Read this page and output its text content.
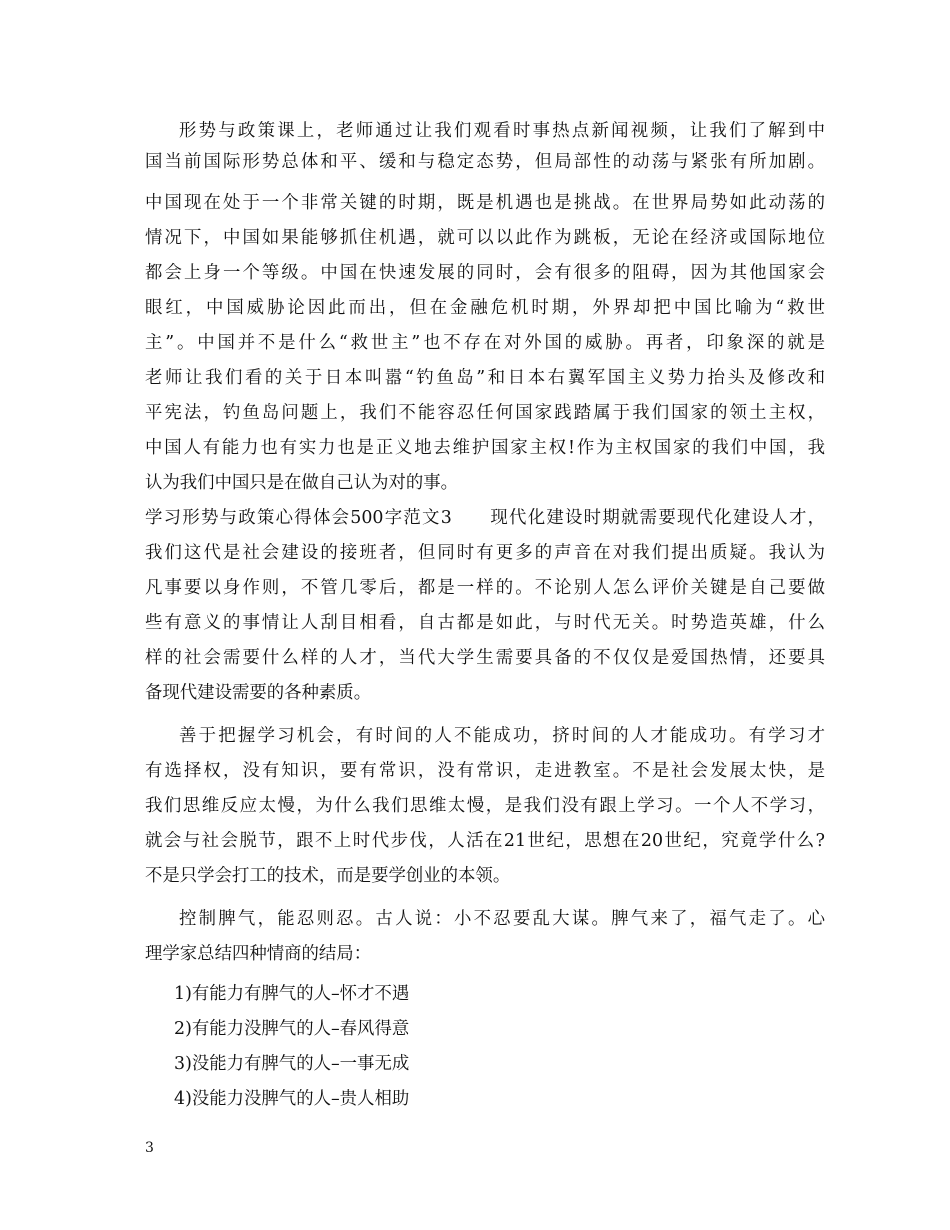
形势与政策课上，老师通过让我们观看时事热点新闻视频，让我们了解到中
国当前国际形势总体和平、缓和与稳定态势，但局部性的动荡与紧张有所加剧。
中国现在处于一个非常关键的时期，既是机遇也是挑战。在世界局势如此动荡的
情况下，中国如果能够抓住机遇，就可以以此作为跳板，无论在经济或国际地位
都会上身一个等级。中国在快速发展的同时，会有很多的阻碍，因为其他国家会
眼红，中国威胁论因此而出，但在金融危机时期，外界却把中国比喻为“救世
主”。中国并不是什么“救世主”也不存在对外国的威胁。再者，印象深的就是
老师让我们看的关于日本叫嚣“钓鱼岛”和日本右翼军国主义势力抬头及修改和
平宪法，钓鱼岛问题上，我们不能容忍任何国家践踏属于我们国家的领土主权，
中国人有能力也有实力也是正义地去维护国家主权!作为主权国家的我们中国，我
认为我们中国只是在做自己认为对的事。
学习形势与政策心得体会500字范文3　　现代化建设时期就需要现代化建设人才，
我们这代是社会建设的接班者，但同时有更多的声音在对我们提出质疑。我认为
凡事要以身作则，不管几零后，都是一样的。不论别人怎么评价关键是自己要做
些有意义的事情让人刮目相看，自古都是如此，与时代无关。时势造英雄，什么
样的社会需要什么样的人才，当代大学生需要具备的不仅仅是爱国热情，还要具
备现代建设需要的各种素质。
善于把握学习机会，有时间的人不能成功，挤时间的人才能成功。有学习才
有选择权，没有知识，要有常识，没有常识，走进教室。不是社会发展太快，是
我们思维反应太慢，为什么我们思维太慢，是我们没有跟上学习。一个人不学习，
就会与社会脱节，跟不上时代步伐，人活在21世纪，思想在20世纪，究竟学什么?
不是只学会打工的技术，而是要学创业的本领。
控制脾气，能忍则忍。古人说：小不忍要乱大谋。脾气来了，福气走了。心
理学家总结四种情商的结局：
1)有能力有脾气的人–怀才不遇
2)有能力没脾气的人–春风得意
3)没能力有脾气的人–一事无成
4)没能力没脾气的人–贵人相助
3
